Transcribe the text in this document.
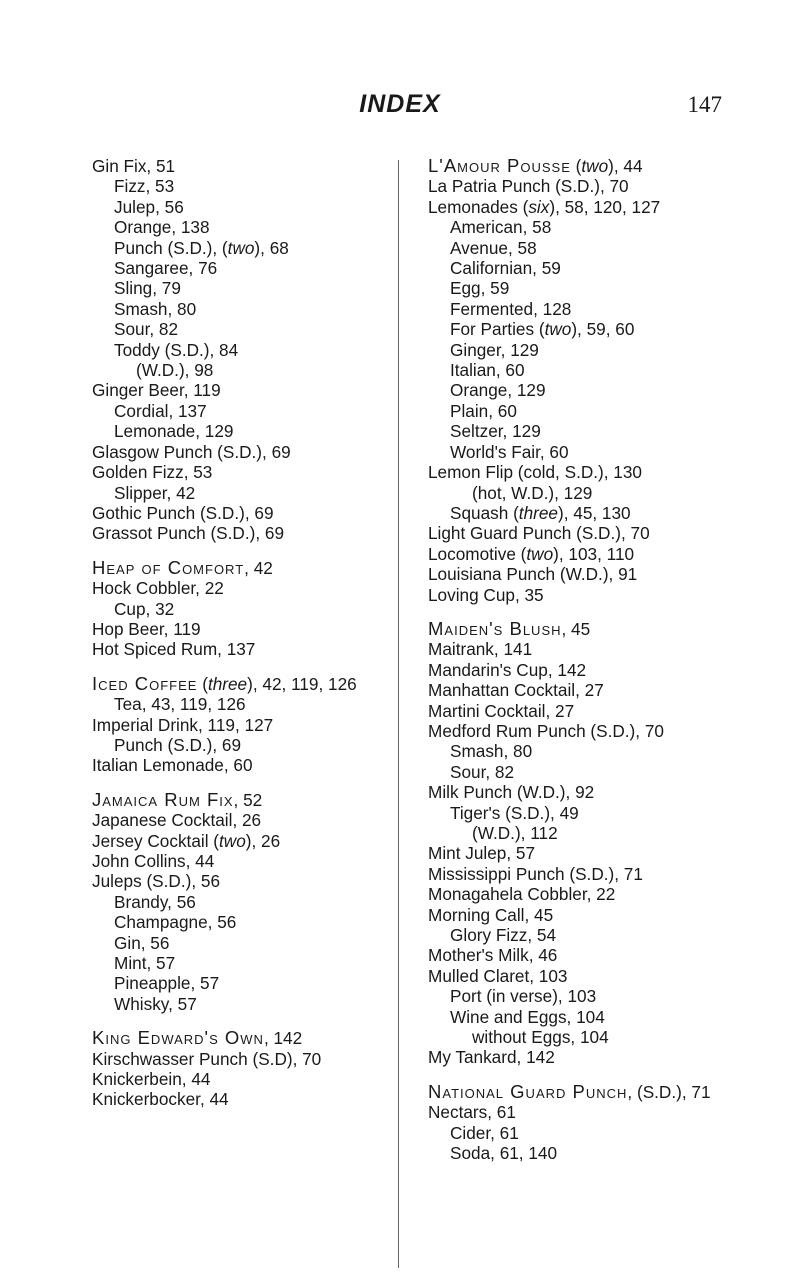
INDEX	147
Gin Fix, 51
Fizz, 53
Julep, 56
Orange, 138
Punch (S.D.), (two), 68
Sangaree, 76
Sling, 79
Smash, 80
Sour, 82
Toddy (S.D.), 84
(W.D.), 98
Ginger Beer, 119
Cordial, 137
Lemonade, 129
Glasgow Punch (S.D.), 69
Golden Fizz, 53
Slipper, 42
Gothic Punch (S.D.), 69
Grassot Punch (S.D.), 69
Heap of Comfort, 42
Hock Cobbler, 22
Cup, 32
Hop Beer, 119
Hot Spiced Rum, 137
Iced Coffee (three), 42, 119, 126
Tea, 43, 119, 126
Imperial Drink, 119, 127
Punch (S.D.), 69
Italian Lemonade, 60
Jamaica Rum Fix, 52
Japanese Cocktail, 26
Jersey Cocktail (two), 26
John Collins, 44
Juleps (S.D.), 56
Brandy, 56
Champagne, 56
Gin, 56
Mint, 57
Pineapple, 57
Whisky, 57
King Edward's Own, 142
Kirschwasser Punch (S.D), 70
Knickerbein, 44
Knickerbocker, 44
L'Amour Pousse (two), 44
La Patria Punch (S.D.), 70
Lemonades (six), 58, 120, 127
American, 58
Avenue, 58
Californian, 59
Egg, 59
Fermented, 128
For Parties (two), 59, 60
Ginger, 129
Italian, 60
Orange, 129
Plain, 60
Seltzer, 129
World's Fair, 60
Lemon Flip (cold, S.D.), 130
(hot, W.D.), 129
Squash (three), 45, 130
Light Guard Punch (S.D.), 70
Locomotive (two), 103, 110
Louisiana Punch (W.D.), 91
Loving Cup, 35
Maiden's Blush, 45
Maitrank, 141
Mandarin's Cup, 142
Manhattan Cocktail, 27
Martini Cocktail, 27
Medford Rum Punch (S.D.), 70
Smash, 80
Sour, 82
Milk Punch (W.D.), 92
Tiger's (S.D.), 49
(W.D.), 112
Mint Julep, 57
Mississippi Punch (S.D.), 71
Monagahela Cobbler, 22
Morning Call, 45
Glory Fizz, 54
Mother's Milk, 46
Mulled Claret, 103
Port (in verse), 103
Wine and Eggs, 104
without Eggs, 104
My Tankard, 142
National Guard Punch, (S.D.), 71
Nectars, 61
Cider, 61
Soda, 61, 140
